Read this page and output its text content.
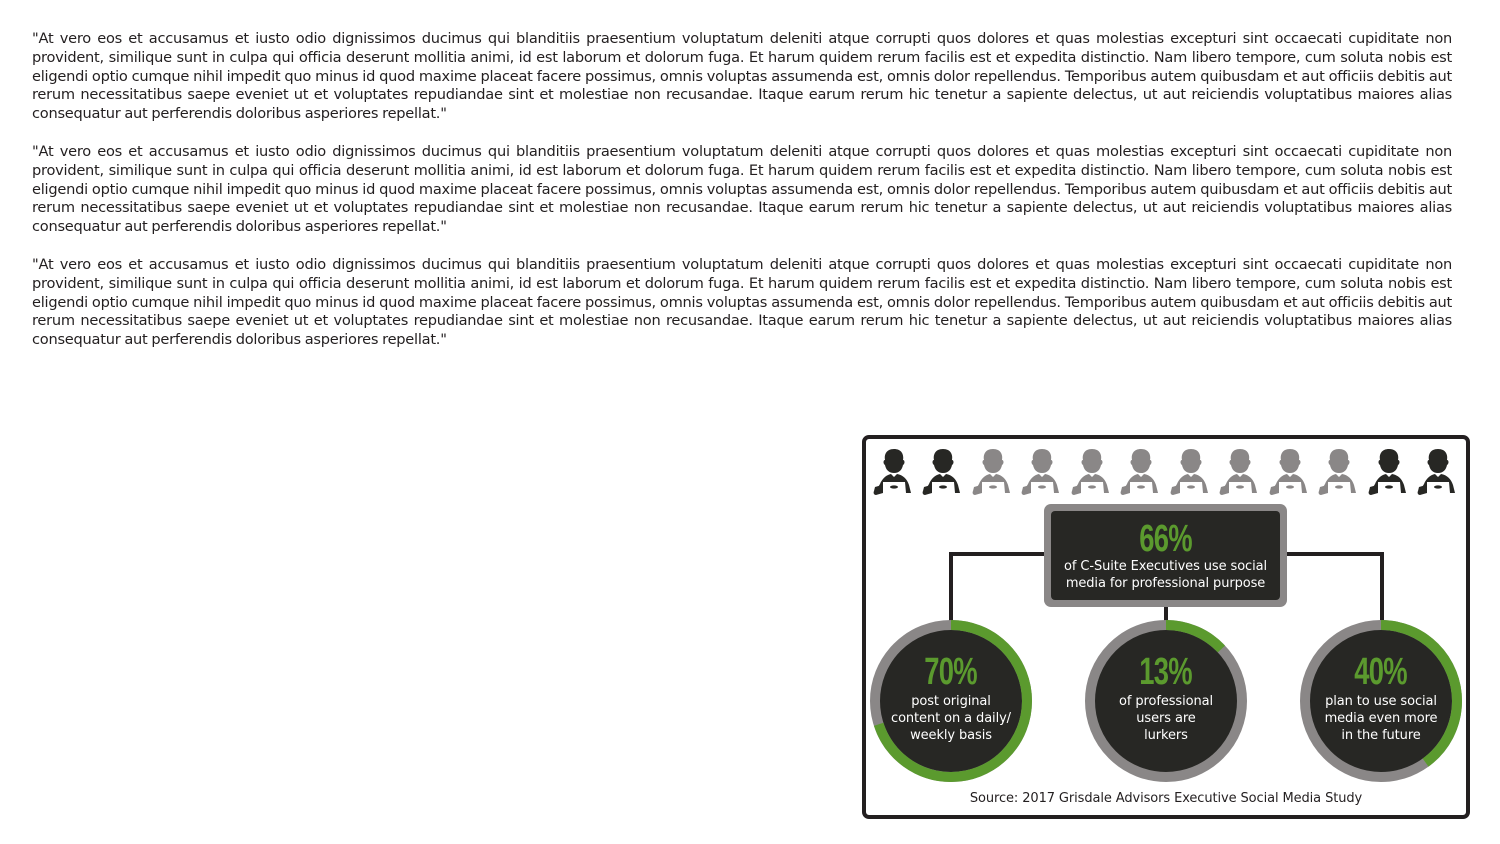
"At vero eos et accusamus et iusto odio dignissimos ducimus qui blanditiis praesentium voluptatum deleniti atque corrupti quos dolores et quas molestias excepturi sint occaecati cupiditate non provident, similique sunt in culpa qui officia deserunt mollitia animi, id est laborum et dolorum fuga. Et harum quidem rerum facilis est et expedita distinctio. Nam libero tempore, cum soluta nobis est eligendi optio cumque nihil impedit quo minus id quod maxime placeat facere possimus, omnis voluptas assumenda est, omnis dolor repellendus. Temporibus autem quibusdam et aut officiis debitis aut rerum necessitatibus saepe eveniet ut et voluptates repudiandae sint et molestiae non recusandae. Itaque earum rerum hic tenetur a sapiente delectus, ut aut reiciendis voluptatibus maiores alias consequatur aut perferendis doloribus asperiores repellat."

"At vero eos et accusamus et iusto odio dignissimos ducimus qui blanditiis praesentium voluptatum deleniti atque corrupti quos dolores et quas molestias excepturi sint occaecati cupiditate non provident, similique sunt in culpa qui officia deserunt mollitia animi, id est laborum et dolorum fuga. Et harum quidem rerum facilis est et expedita distinctio. Nam libero tempore, cum soluta nobis est eligendi optio cumque nihil impedit quo minus id quod maxime placeat facere possimus, omnis voluptas assumenda est, omnis dolor repellendus. Temporibus autem quibusdam et aut officiis debitis aut rerum necessitatibus saepe eveniet ut et voluptates repudiandae sint et molestiae non recusandae. Itaque earum rerum hic tenetur a sapiente delectus, ut aut reiciendis voluptatibus maiores alias consequatur aut perferendis doloribus asperiores repellat."

"At vero eos et accusamus et iusto odio dignissimos ducimus qui blanditiis praesentium voluptatum deleniti atque corrupti quos dolores et quas molestias excepturi sint occaecati cupiditate non provident, similique sunt in culpa qui officia deserunt mollitia animi, id est laborum et dolorum fuga. Et harum quidem rerum facilis est et expedita distinctio. Nam libero tempore, cum soluta nobis est eligendi optio cumque nihil impedit quo minus id quod maxime placeat facere possimus, omnis voluptas assumenda est, omnis dolor repellendus. Temporibus autem quibusdam et aut officiis debitis aut rerum necessitatibus saepe eveniet ut et voluptates repudiandae sint et molestiae non recusandae. Itaque earum rerum hic tenetur a sapiente delectus, ut aut reiciendis voluptatibus maiores alias consequatur aut perferendis doloribus asperiores repellat."

66%
of C-Suite Executives use social
media for professional purpose
70%
post original
content on a daily/
weekly basis
13%
of professional
users are
lurkers
40%
plan to use social
media even more
in the future
Source: 2017 Grisdale Advisors Executive Social Media Study
